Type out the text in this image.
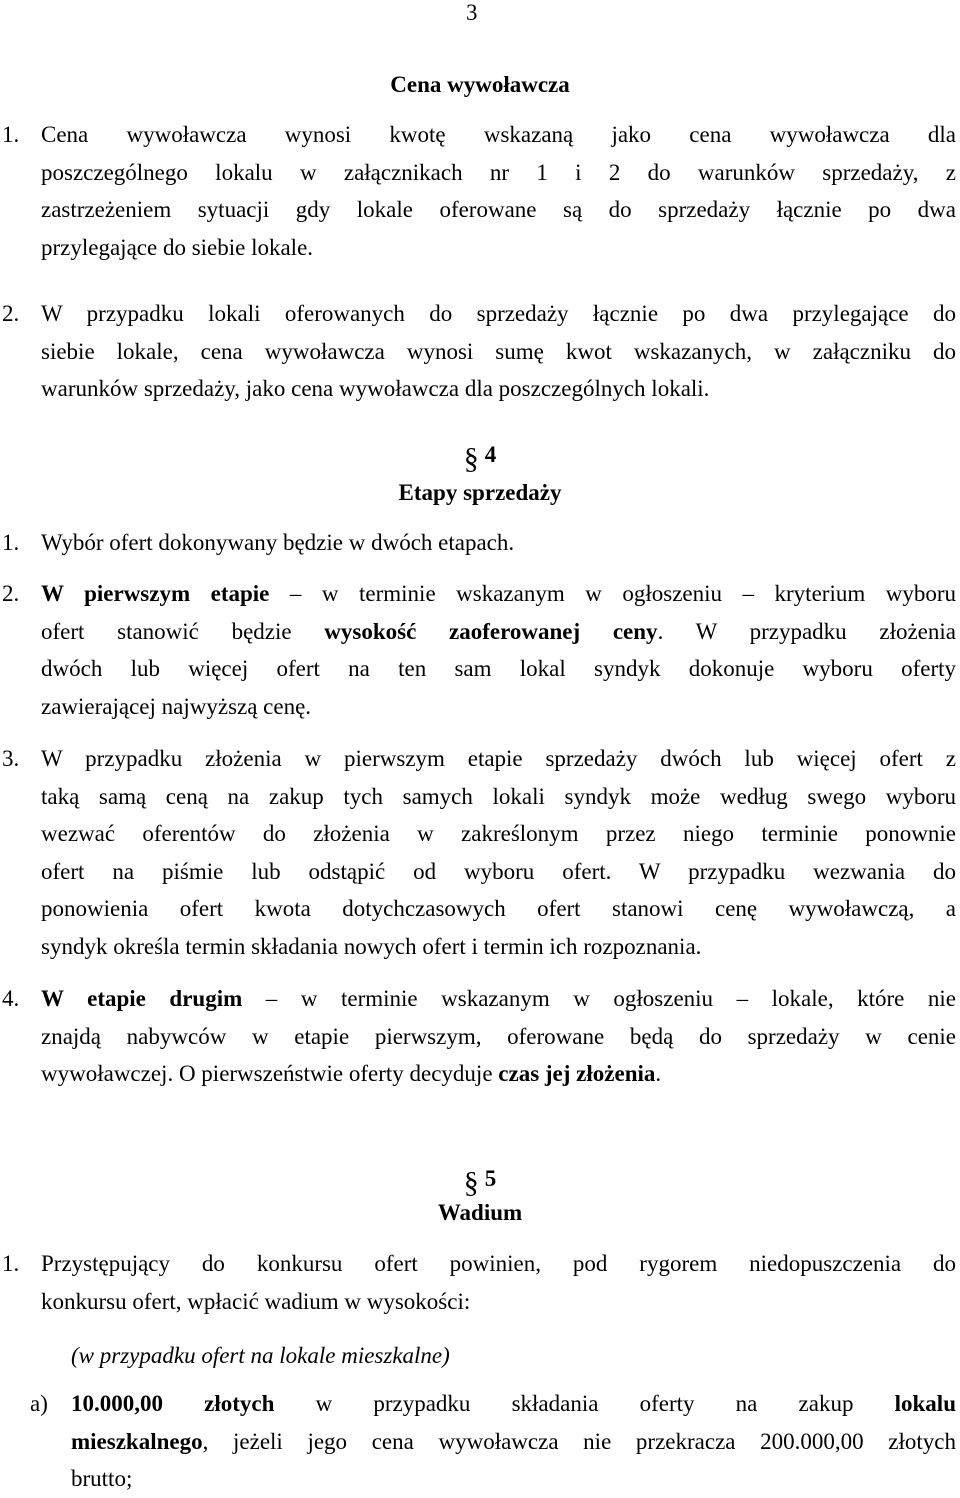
3
Cena wywoławcza
1. Cena wywoławcza wynosi kwotę wskazaną jako cena wywoławcza dla
poszczególnego lokalu w załącznikach nr 1 i 2 do warunków sprzedaży, z
zastrzeżeniem sytuacji gdy lokale oferowane są do sprzedaży łącznie po dwa
przylegające do siebie lokale.
2. W przypadku lokali oferowanych do sprzedaży łącznie po dwa przylegające do
siebie lokale, cena wywoławcza wynosi sumę kwot wskazanych, w załączniku do
warunków sprzedaży, jako cena wywoławcza dla poszczególnych lokali.
§ 4
Etapy sprzedaży
1. Wybór ofert dokonywany będzie w dwóch etapach.
2. W pierwszym etapie – w terminie wskazanym w ogłoszeniu – kryterium wyboru
ofert stanowić będzie wysokość zaoferowanej ceny. W przypadku złożenia
dwóch lub więcej ofert na ten sam lokal syndyk dokonuje wyboru oferty
zawierającej najwyższą cenę.
3. W przypadku złożenia w pierwszym etapie sprzedaży dwóch lub więcej ofert z
taką samą ceną na zakup tych samych lokali syndyk może według swego wyboru
wezwać oferentów do złożenia w zakreślonym przez niego terminie ponownie
ofert na piśmie lub odstąpić od wyboru ofert. W przypadku wezwania do
ponowienia ofert kwota dotychczasowych ofert stanowi cenę wywoławczą, a
syndyk określa termin składania nowych ofert i termin ich rozpoznania.
4. W etapie drugim – w terminie wskazanym w ogłoszeniu – lokale, które nie
znajdą nabywców w etapie pierwszym, oferowane będą do sprzedaży w cenie
wywoławczej. O pierwszeństwie oferty decyduje czas jej złożenia.
§ 5
Wadium
1. Przystępujący do konkursu ofert powinien, pod rygorem niedopuszczenia do
konkursu ofert, wpłacić wadium w wysokości:
(w przypadku ofert na lokale mieszkalne)
a) 10.000,00 złotych w przypadku składania oferty na zakup lokalu
mieszkalnego, jeżeli jego cena wywoławcza nie przekracza 200.000,00 złotych
brutto;
